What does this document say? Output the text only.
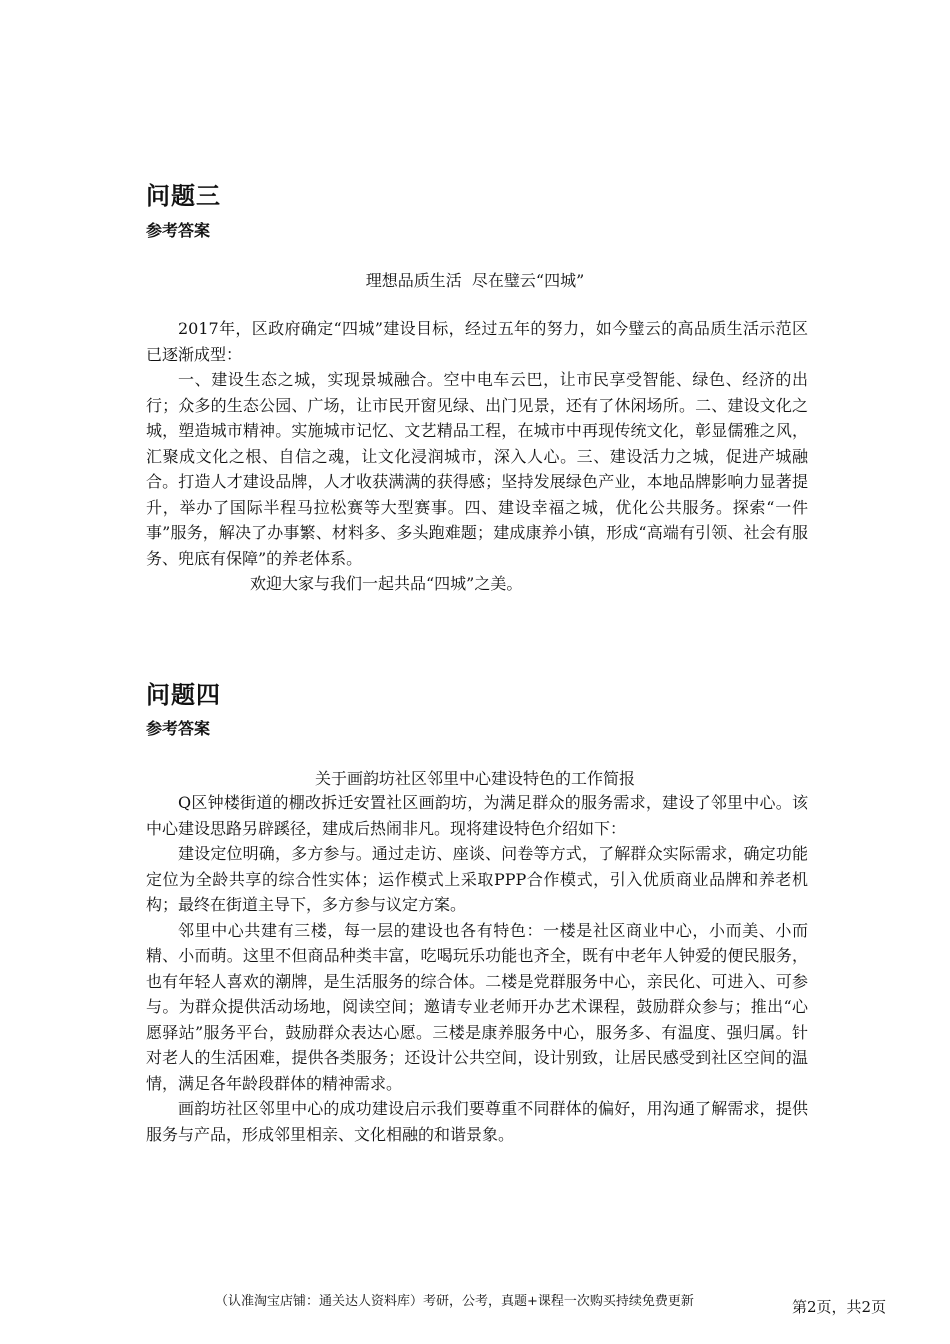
问题三
参考答案
理想品质生活  尽在璧云“四城”

2017年，区政府确定“四城”建设目标，经过五年的努力，如今璧云的高品质生活示范区已逐渐成型：

一、建设生态之城，实现景城融合。空中电车云巴，让市民享受智能、绿色、经济的出行；众多的生态公园、广场，让市民开窗见绿、出门见景，还有了休闲场所。二、建设文化之城，塑造城市精神。实施城市记忆、文艺精品工程，在城市中再现传统文化，彰显儒雅之风，汇聚成文化之根、自信之魂，让文化浸润城市，深入人心。三、建设活力之城，促进产城融合。打造人才建设品牌，人才收获满满的获得感；坚持发展绿色产业，本地品牌影响力显著提升，举办了国际半程马拉松赛等大型赛事。四、建设幸福之城，优化公共服务。探索“一件事”服务，解决了办事繁、材料多、多头跑难题；建成康养小镇，形成“高端有引领、社会有服务、兜底有保障”的养老体系。

欢迎大家与我们一起共品“四城”之美。

问题四
参考答案
关于画韵坊社区邻里中心建设特色的工作简报

Q区钟楼街道的棚改拆迁安置社区画韵坊，为满足群众的服务需求，建设了邻里中心。该中心建设思路另辟蹊径，建成后热闹非凡。现将建设特色介绍如下：

建设定位明确，多方参与。通过走访、座谈、问卷等方式，了解群众实际需求，确定功能定位为全龄共享的综合性实体；运作模式上采取PPP合作模式，引入优质商业品牌和养老机构；最终在街道主导下，多方参与议定方案。

邻里中心共建有三楼，每一层的建设也各有特色：一楼是社区商业中心，小而美、小而精、小而萌。这里不但商品种类丰富，吃喝玩乐功能也齐全，既有中老年人钟爱的便民服务，也有年轻人喜欢的潮牌，是生活服务的综合体。二楼是党群服务中心，亲民化、可进入、可参与。为群众提供活动场地，阅读空间；邀请专业老师开办艺术课程，鼓励群众参与；推出“心愿驿站”服务平台，鼓励群众表达心愿。三楼是康养服务中心，服务多、有温度、强归属。针对老人的生活困难，提供各类服务；还设计公共空间，设计别致，让居民感受到社区空间的温情，满足各年龄段群体的精神需求。

画韵坊社区邻里中心的成功建设启示我们要尊重不同群体的偏好，用沟通了解需求，提供服务与产品，形成邻里相亲、文化相融的和谐景象。

（认准淘宝店铺：通关达人资料库）考研，公考，真题+课程一次购买持续免费更新	第2页，共2页
